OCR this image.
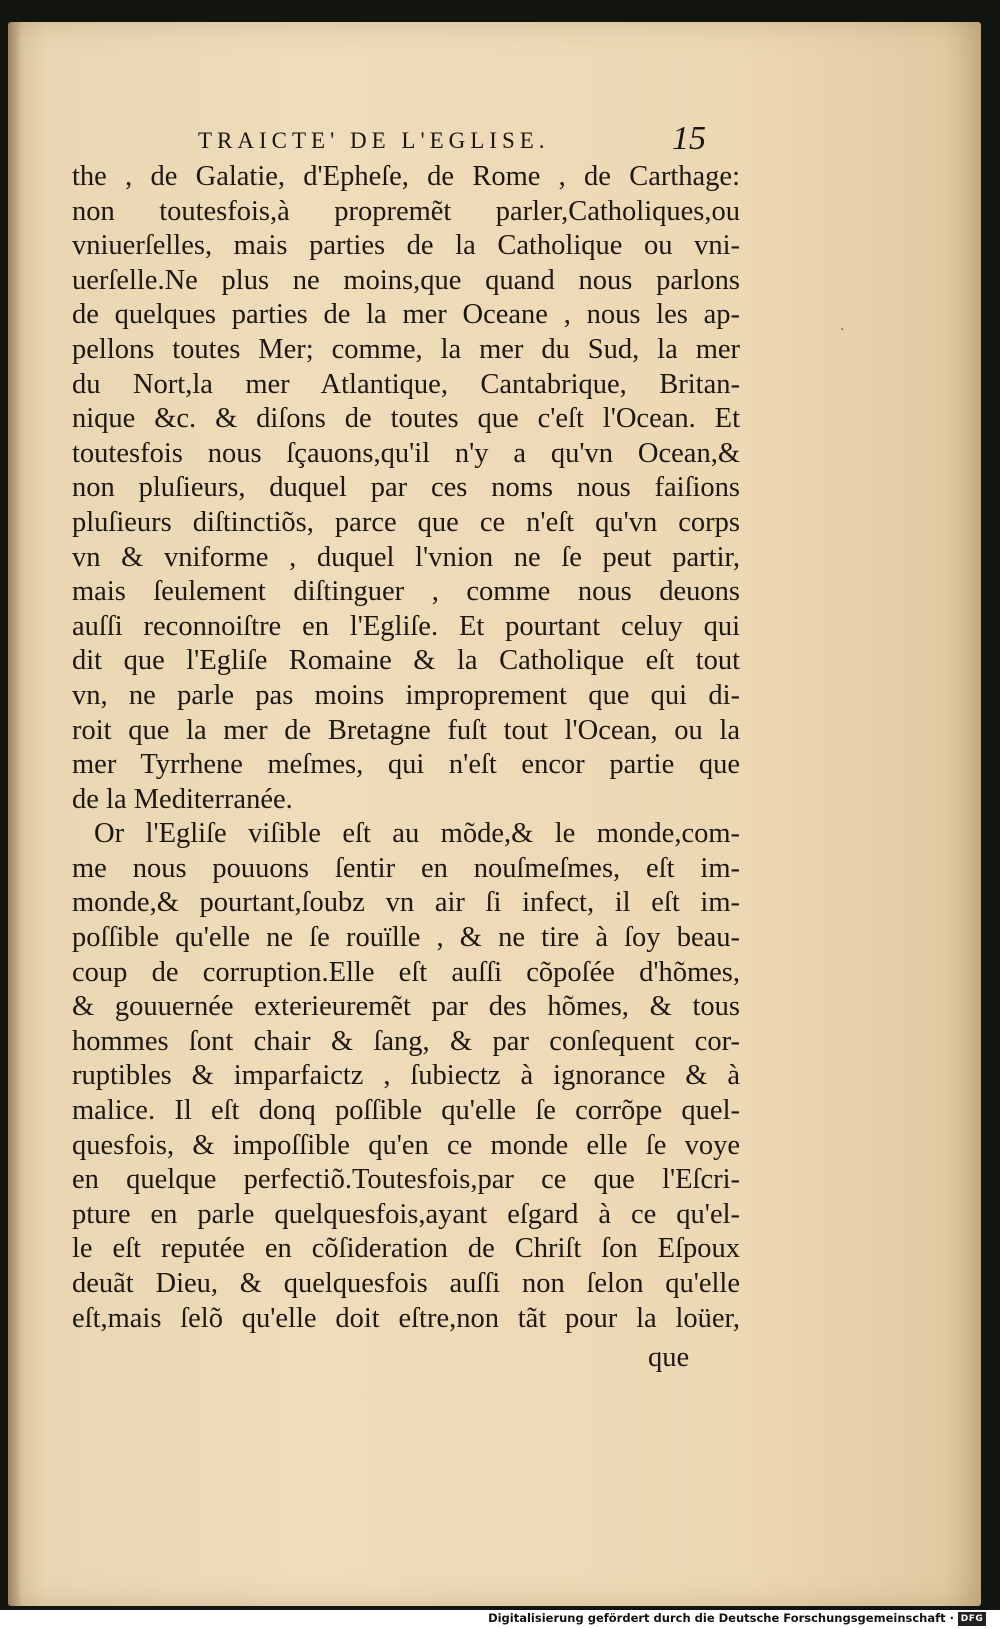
TRAICTE' DE L'EGLISE.	15
·
the , de Galatie, d'Epheſe, de Rome , de Carthage:
non toutesfois,à propremẽt parler,Catholiques,ou
vniuerſelles, mais parties de la Catholique ou vni-
uerſelle.Ne plus ne moins,que quand nous parlons
de quelques parties de la mer Oceane , nous les ap-
pellons toutes Mer; comme, la mer du Sud, la mer
du Nort,la mer Atlantique, Cantabrique, Britan-
nique &c. & diſons de toutes que c'eſt l'Ocean. Et
toutesfois nous ſçauons,qu'il n'y a qu'vn Ocean,&
non pluſieurs, duquel par ces noms nous faiſions
pluſieurs diſtinctiõs, parce que ce n'eſt qu'vn corps
vn & vniforme , duquel l'vnion ne ſe peut partir,
mais ſeulement diſtinguer , comme nous deuons
auſſi reconnoiſtre en l'Egliſe. Et pourtant celuy qui
dit que l'Egliſe Romaine & la Catholique eſt tout
vn, ne parle pas moins improprement que qui di-
roit que la mer de Bretagne fuſt tout l'Ocean, ou la
mer Tyrrhene meſmes, qui n'eſt encor partie que
de la Mediterranée.
Or l'Egliſe viſible eſt au mõde,& le monde,com-
me nous pouuons ſentir en nouſmeſmes, eſt im-
monde,& pourtant,ſoubz vn air ſi infect, il eſt im-
poſſible qu'elle ne ſe rouïlle , & ne tire à ſoy beau-
coup de corruption.Elle eſt auſſi cõpoſée d'hõmes,
& gouuernée exterieuremẽt par des hõmes, & tous
hommes ſont chair & ſang, & par conſequent cor-
ruptibles & imparfaictz , ſubiectz à ignorance & à
malice. Il eſt donq poſſible qu'elle ſe corrõpe quel-
quesfois, & impoſſible qu'en ce monde elle ſe voye
en quelque perfectiõ.Toutesfois,par ce que l'Eſcri-
pture en parle quelquesfois,ayant eſgard à ce qu'el-
le eſt reputée en cõſideration de Chriſt ſon Eſpoux
deuãt Dieu, & quelquesfois auſſi non ſelon qu'elle
eſt,mais ſelõ qu'elle doit eſtre,non tãt pour la loüer,
que
Digitalisierung gefördert durch die Deutsche Forschungsgemeinschaft · DFG
